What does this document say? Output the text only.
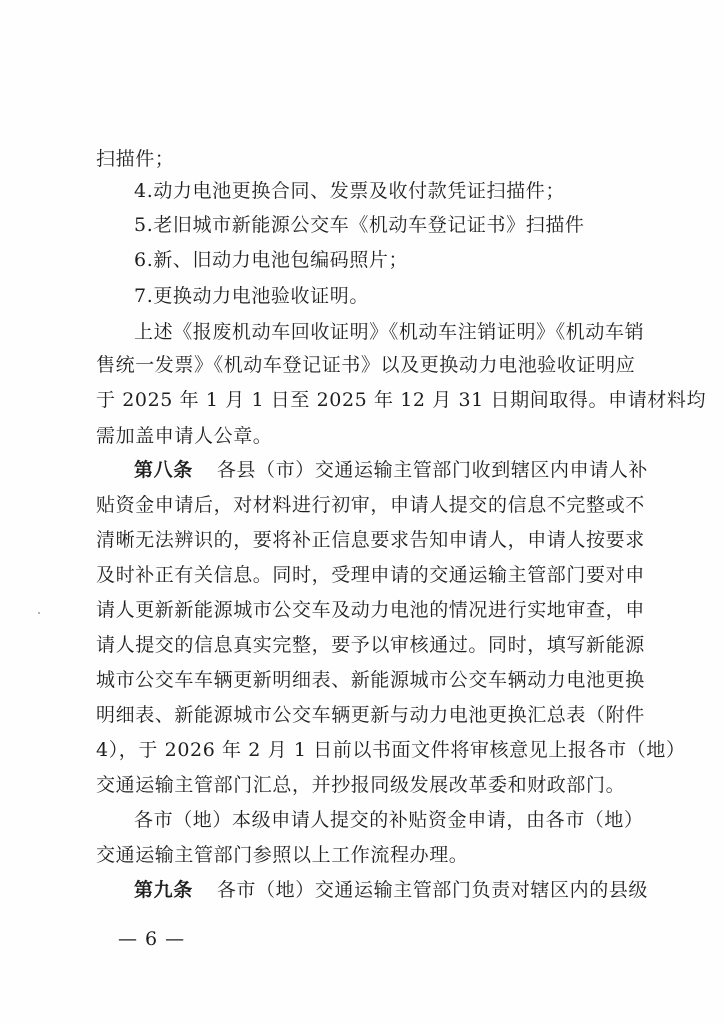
扫描件；
4.动力电池更换合同、发票及收付款凭证扫描件；
5.老旧城市新能源公交车《机动车登记证书》扫描件
6.新、旧动力电池包编码照片；
7.更换动力电池验收证明。
上述《报废机动车回收证明》《机动车注销证明》《机动车销
售统一发票》《机动车登记证书》以及更换动力电池验收证明应
于 2025 年 1 月 1 日至 2025 年 12 月 31 日期间取得。申请材料均
需加盖申请人公章。
第八条 各县（市）交通运输主管部门收到辖区内申请人补
贴资金申请后，对材料进行初审，申请人提交的信息不完整或不
清晰无法辨识的，要将补正信息要求告知申请人，申请人按要求
及时补正有关信息。同时，受理申请的交通运输主管部门要对申
请人更新新能源城市公交车及动力电池的情况进行实地审查，申
请人提交的信息真实完整，要予以审核通过。同时，填写新能源
城市公交车车辆更新明细表、新能源城市公交车辆动力电池更换
明细表、新能源城市公交车辆更新与动力电池更换汇总表（附件
4），于 2026 年 2 月 1 日前以书面文件将审核意见上报各市（地）
交通运输主管部门汇总，并抄报同级发展改革委和财政部门。
各市（地）本级申请人提交的补贴资金申请，由各市（地）
交通运输主管部门参照以上工作流程办理。
第九条 各市（地）交通运输主管部门负责对辖区内的县级
— 6 —
